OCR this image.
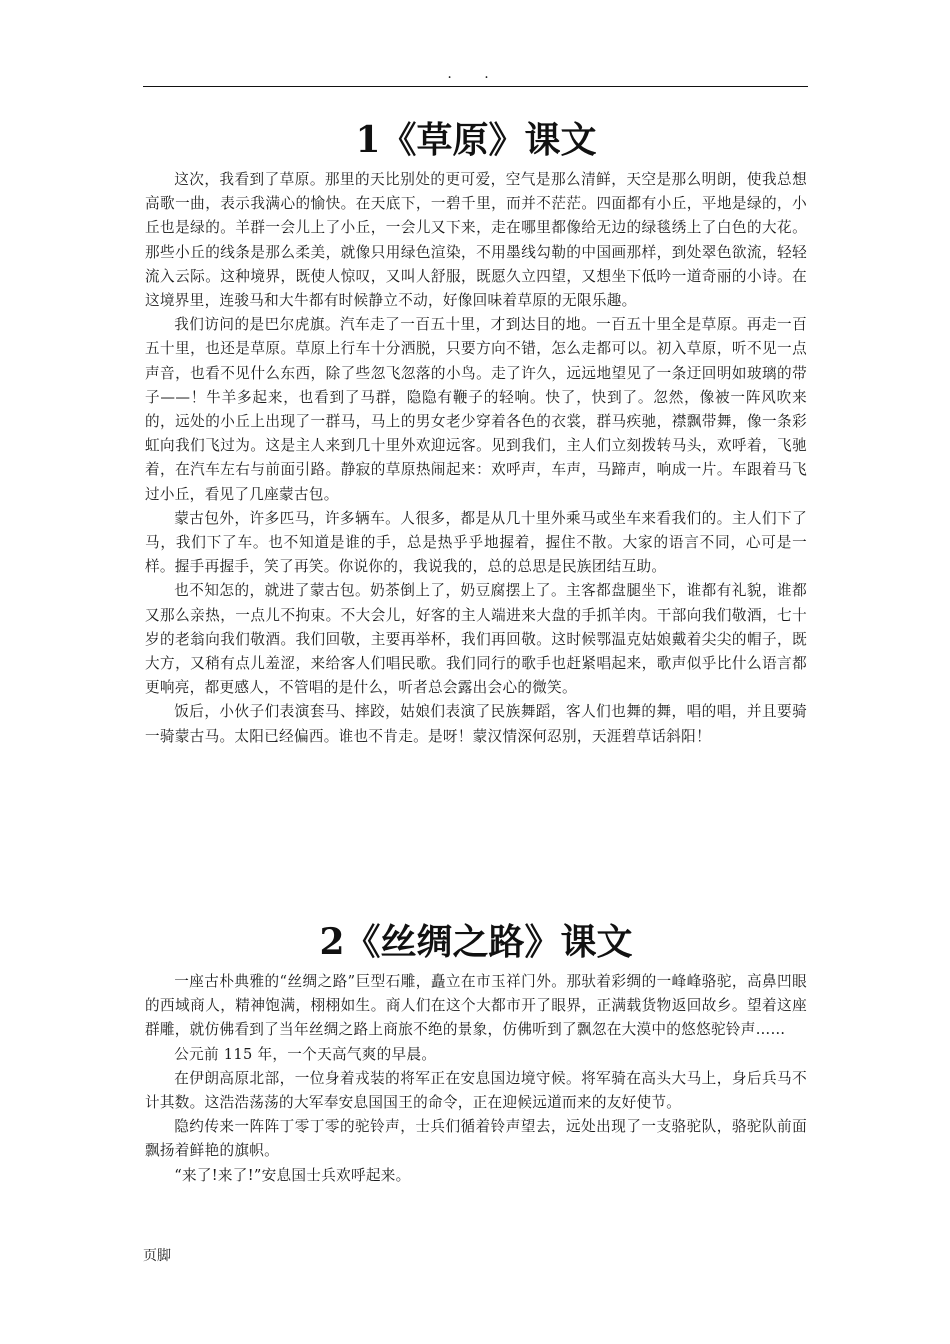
. .
1《草原》课文

这次，我看到了草原。那里的天比别处的更可爱，空气是那么清鲜，天空是那么明朗，使我总想高歌一曲，表示我满心的愉快。在天底下，一碧千里，而并不茫茫。四面都有小丘，平地是绿的，小丘也是绿的。羊群一会儿上了小丘，一会儿又下来，走在哪里都像给无边的绿毯绣上了白色的大花。那些小丘的线条是那么柔美，就像只用绿色渲染，不用墨线勾勒的中国画那样，到处翠色欲流，轻轻流入云际。这种境界，既使人惊叹，又叫人舒服，既愿久立四望，又想坐下低吟一道奇丽的小诗。在这境界里，连骏马和大牛都有时候静立不动，好像回味着草原的无限乐趣。

我们访问的是巴尔虎旗。汽车走了一百五十里，才到达目的地。一百五十里全是草原。再走一百五十里，也还是草原。草原上行车十分洒脱，只要方向不错，怎么走都可以。初入草原，听不见一点声音，也看不见什么东西，除了些忽飞忽落的小鸟。走了许久，远远地望见了一条迂回明如玻璃的带子——！牛羊多起来，也看到了马群，隐隐有鞭子的轻响。快了，快到了。忽然，像被一阵风吹来的，远处的小丘上出现了一群马，马上的男女老少穿着各色的衣裳，群马疾驰，襟飘带舞，像一条彩虹向我们飞过为。这是主人来到几十里外欢迎远客。见到我们，主人们立刻拨转马头，欢呼着，飞驰着，在汽车左右与前面引路。静寂的草原热闹起来：欢呼声，车声，马蹄声，响成一片。车跟着马飞过小丘，看见了几座蒙古包。

蒙古包外，许多匹马，许多辆车。人很多，都是从几十里外乘马或坐车来看我们的。主人们下了马，我们下了车。也不知道是谁的手，总是热乎乎地握着，握住不散。大家的语言不同，心可是一样。握手再握手，笑了再笑。你说你的，我说我的，总的总思是民族团结互助。

也不知怎的，就进了蒙古包。奶茶倒上了，奶豆腐摆上了。主客都盘腿坐下，谁都有礼貌，谁都又那么亲热，一点儿不拘束。不大会儿，好客的主人端进来大盘的手抓羊肉。干部向我们敬酒，七十岁的老翁向我们敬酒。我们回敬，主要再举杯，我们再回敬。这时候鄂温克姑娘戴着尖尖的帽子，既大方，又稍有点儿羞涩，来给客人们唱民歌。我们同行的歌手也赶紧唱起来，歌声似乎比什么语言都更响亮，都更感人，不管唱的是什么，听者总会露出会心的微笑。

饭后，小伙子们表演套马、摔跤，姑娘们表演了民族舞蹈，客人们也舞的舞，唱的唱，并且要骑一骑蒙古马。太阳已经偏西。谁也不肯走。是呀！蒙汉情深何忍别，天涯碧草话斜阳！

2《丝绸之路》课文

一座古朴典雅的“丝绸之路”巨型石雕，矗立在市玉祥门外。那驮着彩绸的一峰峰骆驼，高鼻凹眼的西域商人，精神饱满，栩栩如生。商人们在这个大都市开了眼界，正满载货物返回故乡。望着这座群雕，就仿佛看到了当年丝绸之路上商旅不绝的景象，仿佛听到了飘忽在大漠中的悠悠驼铃声……

公元前 115 年，一个天高气爽的早晨。

在伊朗高原北部，一位身着戎装的将军正在安息国边境守候。将军骑在高头大马上，身后兵马不计其数。这浩浩荡荡的大军奉安息国国王的命令，正在迎候远道而来的友好使节。

隐约传来一阵阵丁零丁零的驼铃声，士兵们循着铃声望去，远处出现了一支骆驼队，骆驼队前面飘扬着鲜艳的旗帜。

“来了!来了!”安息国士兵欢呼起来。

页脚
